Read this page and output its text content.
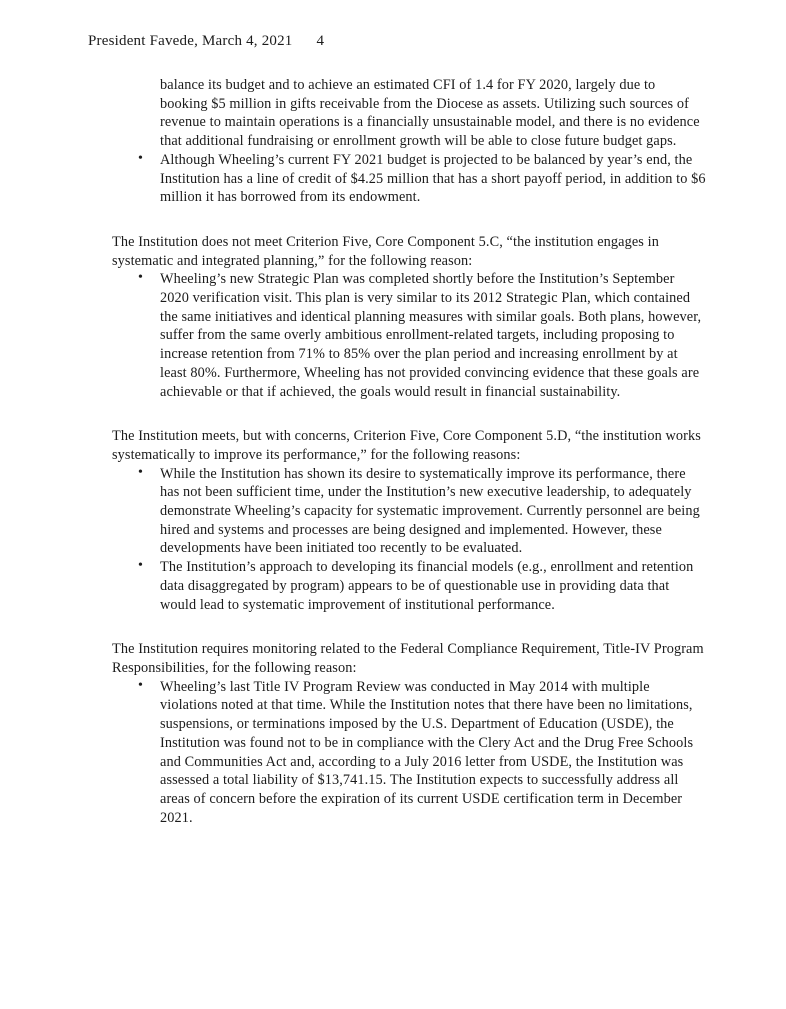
President Favede, March 4, 2021 4
balance its budget and to achieve an estimated CFI of 1.4 for FY 2020, largely due to booking $5 million in gifts receivable from the Diocese as assets. Utilizing such sources of revenue to maintain operations is a financially unsustainable model, and there is no evidence that additional fundraising or enrollment growth will be able to close future budget gaps.
• Although Wheeling’s current FY 2021 budget is projected to be balanced by year’s end, the Institution has a line of credit of $4.25 million that has a short payoff period, in addition to $6 million it has borrowed from its endowment.

The Institution does not meet Criterion Five, Core Component 5.C, “the institution engages in systematic and integrated planning,” for the following reason:

• Wheeling’s new Strategic Plan was completed shortly before the Institution’s September 2020 verification visit. This plan is very similar to its 2012 Strategic Plan, which contained the same initiatives and identical planning measures with similar goals. Both plans, however, suffer from the same overly ambitious enrollment-related targets, including proposing to increase retention from 71% to 85% over the plan period and increasing enrollment by at least 80%. Furthermore, Wheeling has not provided convincing evidence that these goals are achievable or that if achieved, the goals would result in financial sustainability.

The Institution meets, but with concerns, Criterion Five, Core Component 5.D, “the institution works systematically to improve its performance,” for the following reasons:

• While the Institution has shown its desire to systematically improve its performance, there has not been sufficient time, under the Institution’s new executive leadership, to adequately demonstrate Wheeling’s capacity for systematic improvement. Currently personnel are being hired and systems and processes are being designed and implemented. However, these developments have been initiated too recently to be evaluated.
• The Institution’s approach to developing its financial models (e.g., enrollment and retention data disaggregated by program) appears to be of questionable use in providing data that would lead to systematic improvement of institutional performance.

The Institution requires monitoring related to the Federal Compliance Requirement, Title-IV Program Responsibilities, for the following reason:

• Wheeling’s last Title IV Program Review was conducted in May 2014 with multiple violations noted at that time. While the Institution notes that there have been no limitations, suspensions, or terminations imposed by the U.S. Department of Education (USDE), the Institution was found not to be in compliance with the Clery Act and the Drug Free Schools and Communities Act and, according to a July 2016 letter from USDE, the Institution was assessed a total liability of $13,741.15. The Institution expects to successfully address all areas of concern before the expiration of its current USDE certification term in December 2021.
